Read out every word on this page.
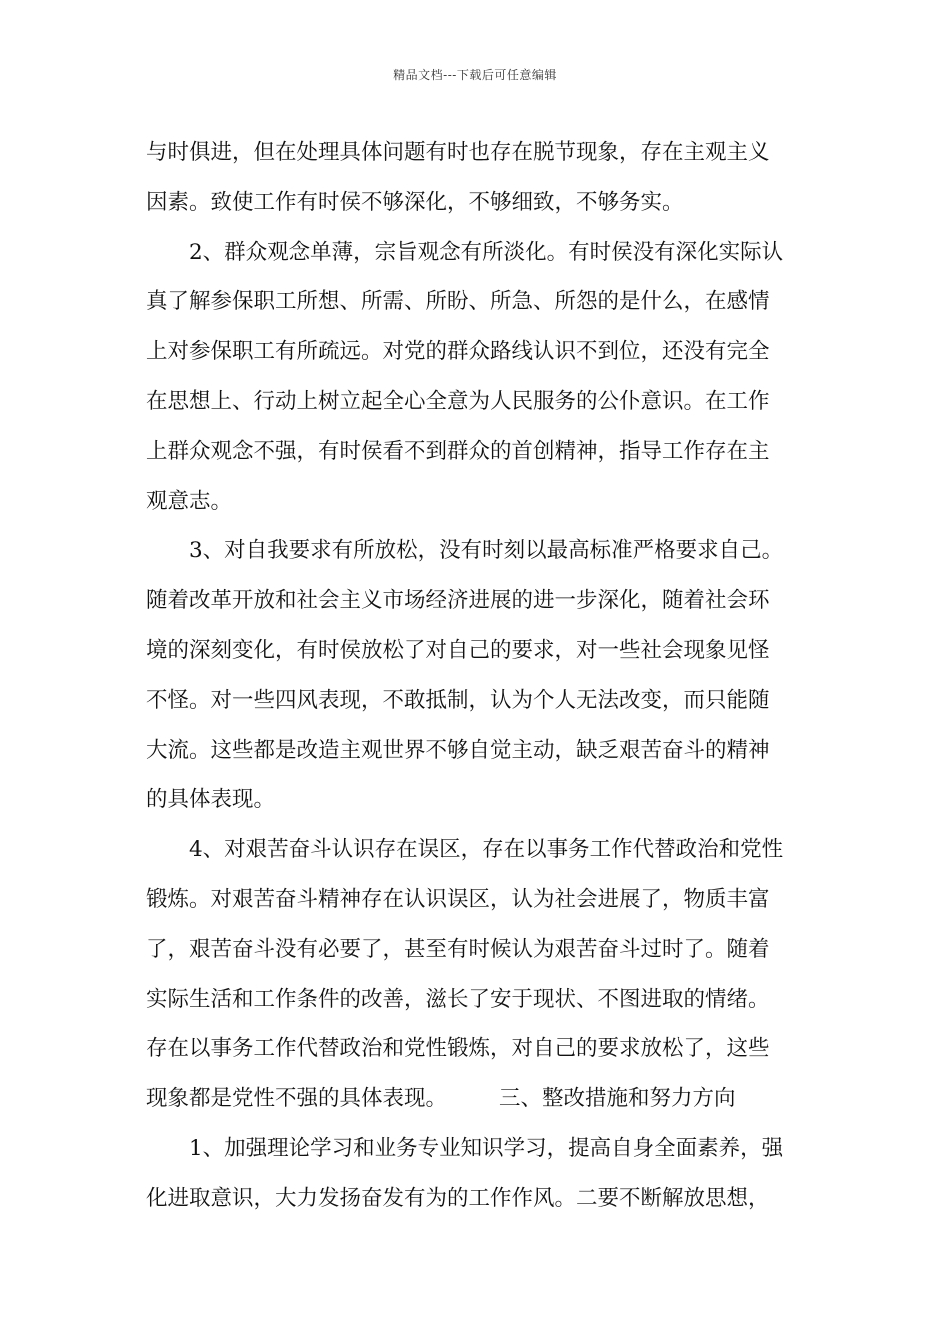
精品文档---下载后可任意编辑
与时俱进，但在处理具体问题有时也存在脱节现象，存在主观主义
因素。致使工作有时侯不够深化，不够细致，不够务实。
2、群众观念单薄，宗旨观念有所淡化。有时侯没有深化实际认
真了解参保职工所想、所需、所盼、所急、所怨的是什么，在感情
上对参保职工有所疏远。对党的群众路线认识不到位，还没有完全
在思想上、行动上树立起全心全意为人民服务的公仆意识。在工作
上群众观念不强，有时侯看不到群众的首创精神，指导工作存在主
观意志。
3、对自我要求有所放松，没有时刻以最高标准严格要求自己。
随着改革开放和社会主义市场经济进展的进一步深化，随着社会环
境的深刻变化，有时侯放松了对自己的要求，对一些社会现象见怪
不怪。对一些四风表现，不敢抵制，认为个人无法改变，而只能随
大流。这些都是改造主观世界不够自觉主动，缺乏艰苦奋斗的精神
的具体表现。
4、对艰苦奋斗认识存在误区，存在以事务工作代替政治和党性
锻炼。对艰苦奋斗精神存在认识误区，认为社会进展了，物质丰富
了，艰苦奋斗没有必要了，甚至有时候认为艰苦奋斗过时了。随着
实际生活和工作条件的改善，滋长了安于现状、不图进取的情绪。
存在以事务工作代替政治和党性锻炼，对自己的要求放松了，这些
现象都是党性不强的具体表现。 三、整改措施和努力方向
1、加强理论学习和业务专业知识学习，提高自身全面素养，强
化进取意识，大力发扬奋发有为的工作作风。二要不断解放思想，
